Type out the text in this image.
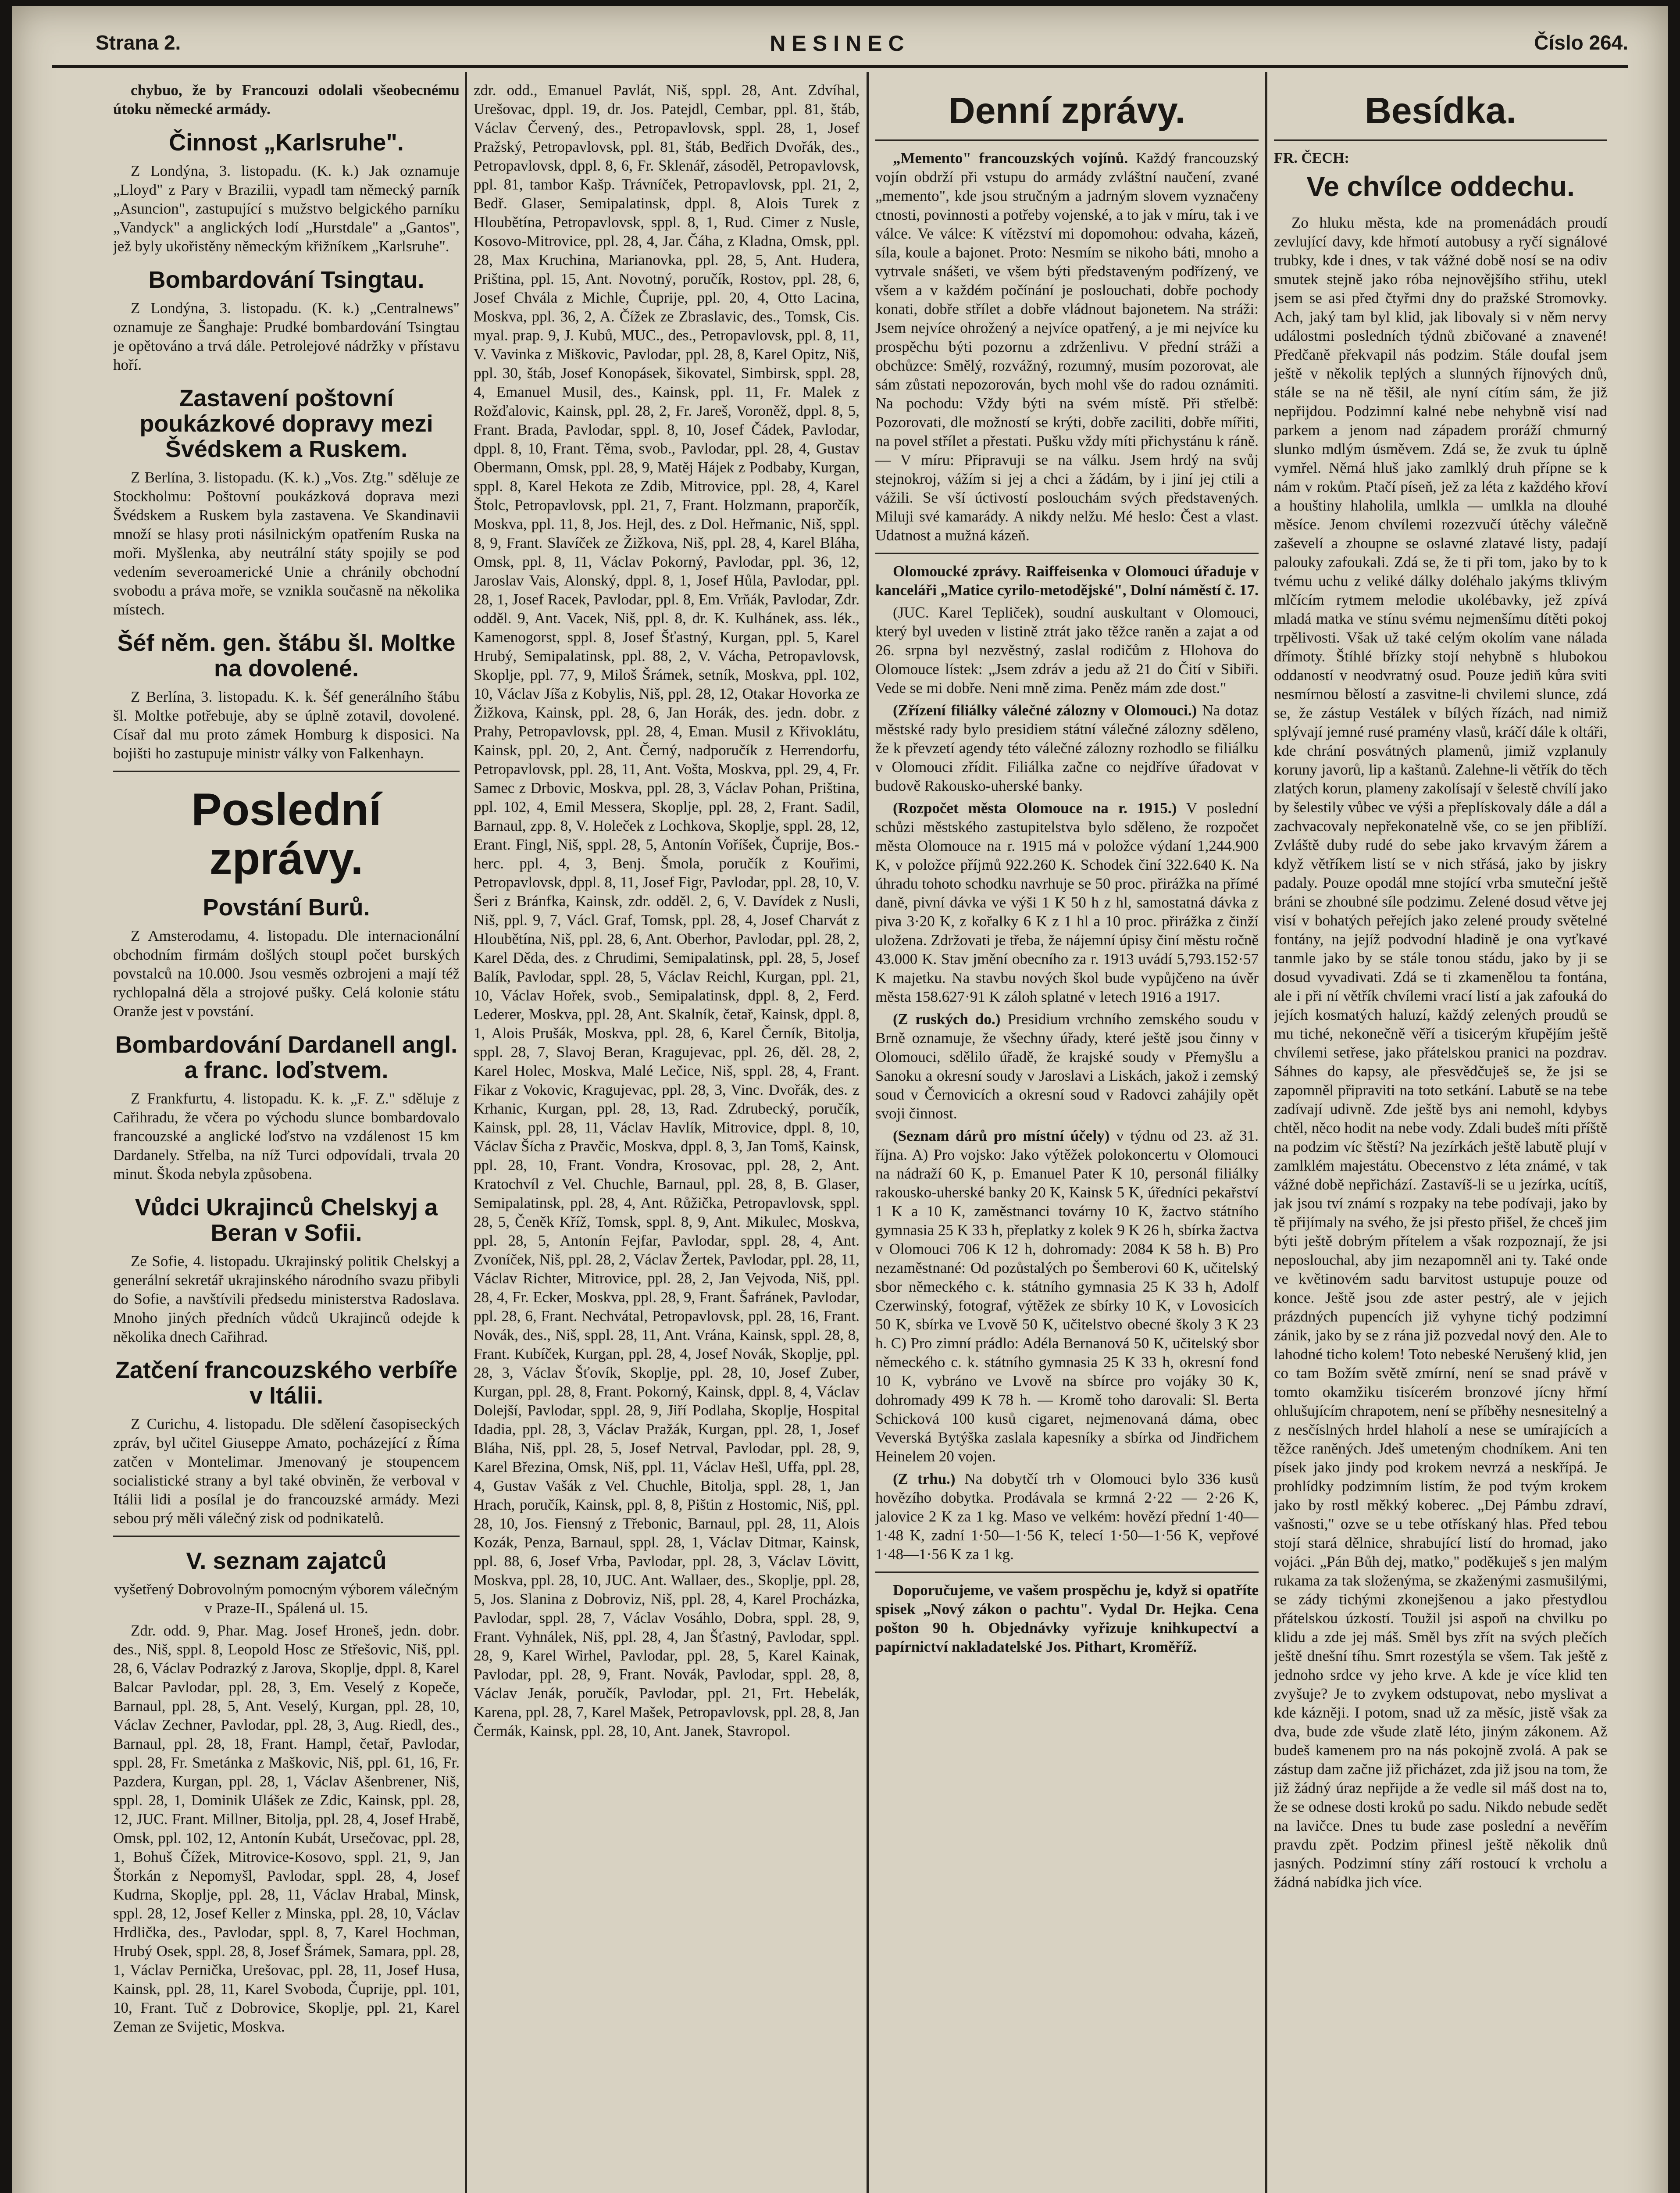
Strana 2.	NESINEC	Číslo 264.

chybuo, že by Francouzi odolali všeobecnému útoku německé armády.

Činnost „Karlsruhe".

Z Londýna, 3. listopadu. (K. k.) Jak oznamuje „Lloyd" z Pary v Brazilii, vypadl tam německý parník „Asuncion", zastupující s mužstvo belgického parníku „Vandyck" a anglických lodí „Hurstdale" a „Gantos", jež byly ukořistěny německým křižníkem „Karlsruhe".

Bombardování Tsingtau.

Z Londýna, 3. listopadu. (K. k.) „Centralnews" oznamuje ze Šanghaje: Prudké bombardování Tsingtau je opětováno a trvá dále. Petrolejové nádržky v přístavu hoří.

Zastavení poštovní poukázkové dopravy mezi Švédskem a Ruskem.

Z Berlína, 3. listopadu. (K. k.) „Vos. Ztg." sděluje ze Stockholmu: Poštovní poukázková doprava mezi Švédskem a Ruskem byla zastavena. Ve Skandinavii množí se hlasy proti násilnickým opatřením Ruska na moři. Myšlenka, aby neutrální státy spojily se pod vedením severoamerické Unie a chránily obchodní svobodu a práva moře, se vznikla současně na několika místech.

Šéf něm. gen. štábu šl. Moltke na dovolené.

Z Berlína, 3. listopadu. K. k. Šéf generálního štábu šl. Moltke potřebuje, aby se úplně zotavil, dovolené. Císař dal mu proto zámek Homburg k disposici. Na bojišti ho zastupuje ministr války von Falkenhayn.

Poslední zprávy.
Povstání Burů.

Z Amsterodamu, 4. listopadu. Dle internacionální obchodním firmám došlých stoupl počet burských povstalců na 10.000. Jsou vesměs ozbrojeni a mají též rychlopalná děla a strojové pušky. Celá kolonie státu Oranže jest v povstání.

Bombardování Dardanell angl. a franc. loďstvem.

Z Frankfurtu, 4. listopadu. K. k. „F. Z." sděluje z Cařihradu, že včera po východu slunce bombardovalo francouzské a anglické loďstvo na vzdálenost 15 km Dardanely. Střelba, na níž Turci odpovídali, trvala 20 minut. Škoda nebyla způsobena.

Vůdci Ukrajinců Chelskyj a Beran v Sofii.

Ze Sofie, 4. listopadu. Ukrajinský politik Chelskyj a generální sekretář ukrajinského národního svazu přibyli do Sofie, a navštívili předsedu ministerstva Radoslava. Mnoho jiných předních vůdců Ukrajinců odejde k několika dnech Cařihrad.

Zatčení francouzského verbíře v Itálii.

Z Curichu, 4. listopadu. Dle sdělení časopiseckých zpráv, byl učitel Giuseppe Amato, pocházející z Říma zatčen v Montelimar. Jmenovaný je stoupencem socialistické strany a byl také obviněn, že verboval v Itálii lidi a posílal je do francouzské armády. Mezi sebou prý měli válečný zisk od podnikatelů.

V. seznam zajatců

vyšetřený Dobrovolným pomocným výborem válečným v Praze-II., Spálená ul. 15.

Zdr. odd. 9, Phar. Mag. Josef Hroneš, jedn. dobr. des., Niš, sppl. 8, Leopold Hosc ze Střešovic, Niš, ppl. 28, 6, Václav Podrazký z Jarova, Skoplje, dppl. 8, Karel Balcar Pavlodar, ppl. 28, 3, Em. Veselý z Kopeče, Barnaul, ppl. 28, 5, Ant. Veselý, Kurgan, ppl. 28, 10, Václav Zechner, Pavlodar, ppl. 28, 3, Aug. Riedl, des., Barnaul, ppl. 28, 18, Frant. Hampl, četař, Pavlodar, sppl. 28, Fr. Smetánka z Maškovic, Niš, ppl. 61, 16, Fr. Pazdera, Kurgan, ppl. 28, 1, Václav Ašenbrener, Niš, sppl. 28, 1, Dominik Ulášek ze Zdic, Kainsk, ppl. 28, 12, JUC. Frant. Millner, Bitolja, ppl. 28, 4, Josef Hrabě, Omsk, ppl. 102, 12, Antonín Kubát, Ursečovac, ppl. 28, 1, Bohuš Čížek, Mitrovice-Kosovo, sppl. 21, 9, Jan Štorkán z Nepomyšl, Pavlodar, sppl. 28, 4, Josef Kudrna, Skoplje, ppl. 28, 11, Václav Hrabal, Minsk, sppl. 28, 12, Josef Keller z Minska, ppl. 28, 10, Václav Hrdlička, des., Pavlodar, sppl. 8, 7, Karel Hochman, Hrubý Osek, sppl. 28, 8, Josef Šrámek, Samara, ppl. 28, 1, Václav Pernička, Urešovac, ppl. 28, 11, Josef Husa, Kainsk, ppl. 28, 11, Karel Svoboda, Čuprije, ppl. 101, 10, Frant. Tuč z Dobrovice, Skoplje, ppl. 21, Karel Zeman ze Svijetic, Moskva.

zdr. odd., Emanuel Pavlát, Niš, sppl. 28, Ant. Zdvíhal, Urešovac, dppl. 19, dr. Jos. Patejdl, Cembar, ppl. 81, štáb, Václav Červený, des., Petropavlovsk, sppl. 28, 1, Josef Pražský, Petropavlovsk, ppl. 81, štáb, Bedřich Dvořák, des., Petropavlovsk, dppl. 8, 6, Fr. Sklenář, zásoděl, Petropavlovsk, ppl. 81, tambor Kašp. Trávníček, Petropavlovsk, ppl. 21, 2, Bedř. Glaser, Semipalatinsk, dppl. 8, Alois Turek z Hloubětína, Petropavlovsk, sppl. 8, 1, Rud. Cimer z Nusle, Kosovo-Mitrovice, ppl. 28, 4, Jar. Čáha, z Kladna, Omsk, ppl. 28, Max Kruchina, Marianovka, ppl. 28, 5, Ant. Hudera, Priština, ppl. 15, Ant. Novotný, poručík, Rostov, ppl. 28, 6, Josef Chvála z Michle, Čuprije, ppl. 20, 4, Otto Lacina, Moskva, ppl. 36, 2, A. Čížek ze Zbraslavic, des., Tomsk, Cis. myal. prap. 9, J. Kubů, MUC., des., Petropavlovsk, ppl. 8, 11, V. Vavinka z Miškovic, Pavlodar, ppl. 28, 8, Karel Opitz, Niš, ppl. 30, štáb, Josef Konopásek, šikovatel, Simbirsk, sppl. 28, 4, Emanuel Musil, des., Kainsk, ppl. 11, Fr. Malek z Rožďalovic, Kainsk, ppl. 28, 2, Fr. Jareš, Voroněž, dppl. 8, 5, Frant. Brada, Pavlodar, sppl. 8, 10, Josef Čádek, Pavlodar, dppl. 8, 10, Frant. Těma, svob., Pavlodar, ppl. 28, 4, Gustav Obermann, Omsk, ppl. 28, 9, Matěj Hájek z Podbaby, Kurgan, sppl. 8, Karel Hekota ze Zdib, Mitrovice, ppl. 28, 4, Karel Štolc, Petropavlovsk, ppl. 21, 7, Frant. Holzmann, praporčík, Moskva, ppl. 11, 8, Jos. Hejl, des. z Dol. Heřmanic, Niš, sppl. 8, 9, Frant. Slavíček ze Žižkova, Niš, ppl. 28, 4, Karel Bláha, Omsk, ppl. 8, 11, Václav Pokorný, Pavlodar, ppl. 36, 12, Jaroslav Vais, Alonský, dppl. 8, 1, Josef Hůla, Pavlodar, ppl. 28, 1, Josef Racek, Pavlodar, ppl. 8, Em. Vrňák, Pavlodar, Zdr. odděl. 9, Ant. Vacek, Niš, ppl. 8, dr. K. Kulhánek, ass. lék., Kamenogorst, sppl. 8, Josef Šťastný, Kurgan, ppl. 5, Karel Hrubý, Semipalatinsk, ppl. 88, 2, V. Vácha, Petropavlovsk, Skoplje, ppl. 77, 9, Miloš Šrámek, setník, Moskva, ppl. 102, 10, Václav Jíša z Kobylis, Niš, ppl. 28, 12, Otakar Hovorka ze Žižkova, Kainsk, ppl. 28, 6, Jan Horák, des. jedn. dobr. z Prahy, Petropavlovsk, ppl. 28, 4, Eman. Musil z Křivoklátu, Kainsk, ppl. 20, 2, Ant. Černý, nadporučík z Herrendorfu, Petropavlovsk, ppl. 28, 11, Ant. Vošta, Moskva, ppl. 29, 4, Fr. Samec z Drbovic, Moskva, ppl. 28, 3, Václav Pohan, Priština, ppl. 102, 4, Emil Messera, Skoplje, ppl. 28, 2, Frant. Sadil, Barnaul, zpp. 8, V. Holeček z Lochkova, Skoplje, sppl. 28, 12, Erant. Fingl, Niš, sppl. 28, 5, Antonín Voříšek, Čuprije, Bos.-herc. ppl. 4, 3, Benj. Šmola, poručík z Kouřimi, Petropavlovsk, dppl. 8, 11, Josef Figr, Pavlodar, ppl. 28, 10, V. Šeri z Bránfka, Kainsk, zdr. odděl. 2, 6, V. Davídek z Nusli, Niš, ppl. 9, 7, Václ. Graf, Tomsk, ppl. 28, 4, Josef Charvát z Hloubětína, Niš, ppl. 28, 6, Ant. Oberhor, Pavlodar, ppl. 28, 2, Karel Děda, des. z Chrudimi, Semipalatinsk, ppl. 28, 5, Josef Balík, Pavlodar, sppl. 28, 5, Václav Reichl, Kurgan, ppl. 21, 10, Václav Hořek, svob., Semipalatinsk, dppl. 8, 2, Ferd. Lederer, Moskva, ppl. 28, Ant. Skalník, četař, Kainsk, dppl. 8, 1, Alois Prušák, Moskva, ppl. 28, 6, Karel Černík, Bitolja, sppl. 28, 7, Slavoj Beran, Kragujevac, ppl. 26, děl. 28, 2, Karel Holec, Moskva, Malé Lečice, Niš, sppl. 28, 4, Frant. Fikar z Vokovic, Kragujevac, ppl. 28, 3, Vinc. Dvořák, des. z Krhanic, Kurgan, ppl. 28, 13, Rad. Zdrubecký, poručík, Kainsk, ppl. 28, 11, Václav Havlík, Mitrovice, dppl. 8, 10, Václav Šícha z Pravčic, Moskva, dppl. 8, 3, Jan Tomš, Kainsk, ppl. 28, 10, Frant. Vondra, Krosovac, ppl. 28, 2, Ant. Kratochvíl z Vel. Chuchle, Barnaul, ppl. 28, 8, B. Glaser, Semipalatinsk, ppl. 28, 4, Ant. Růžička, Petropavlovsk, sppl. 28, 5, Čeněk Kříž, Tomsk, sppl. 8, 9, Ant. Mikulec, Moskva, ppl. 28, 5, Antonín Fejfar, Pavlodar, sppl. 28, 4, Ant. Zvoníček, Niš, ppl. 28, 2, Václav Žertek, Pavlodar, ppl. 28, 11, Václav Richter, Mitrovice, ppl. 28, 2, Jan Vejvoda, Niš, ppl. 28, 4, Fr. Ecker, Moskva, ppl. 28, 9, Frant. Šafránek, Pavlodar, ppl. 28, 6, Frant. Nechvátal, Petropavlovsk, ppl. 28, 16, Frant. Novák, des., Niš, sppl. 28, 11, Ant. Vrána, Kainsk, sppl. 28, 8, Frant. Kubíček, Kurgan, ppl. 28, 4, Josef Novák, Skoplje, ppl. 28, 3, Václav Šťovík, Skoplje, ppl. 28, 10, Josef Zuber, Kurgan, ppl. 28, 8, Frant. Pokorný, Kainsk, dppl. 8, 4, Václav Dolejší, Pavlodar, sppl. 28, 9, Jiří Podlaha, Skoplje, Hospital Idadia, ppl. 28, 3, Václav Pražák, Kurgan, ppl. 28, 1, Josef Bláha, Niš, ppl. 28, 5, Josef Netrval, Pavlodar, ppl. 28, 9, Karel Březina, Omsk, Niš, ppl. 11, Václav Hešl, Uffa, ppl. 28, 4, Gustav Vašák z Vel. Chuchle, Bitolja, sppl. 28, 1, Jan Hrach, poručík, Kainsk, ppl. 8, 8, Pištin z Hostomic, Niš, ppl. 28, 10, Jos. Fiensný z Třebonic, Barnaul, ppl. 28, 11, Alois Kozák, Penza, Barnaul, sppl. 28, 1, Václav Ditmar, Kainsk, ppl. 88, 6, Josef Vrba, Pavlodar, ppl. 28, 3, Václav Lövitt, Moskva, ppl. 28, 10, JUC. Ant. Wallaer, des., Skoplje, ppl. 28, 5, Jos. Slanina z Dobroviz, Niš, ppl. 28, 4, Karel Procházka, Pavlodar, sppl. 28, 7, Václav Vosáhlo, Dobra, sppl. 28, 9, Frant. Vyhnálek, Niš, ppl. 28, 4, Jan Šťastný, Pavlodar, sppl. 28, 9, Karel Wirhel, Pavlodar, ppl. 28, 5, Karel Kainak, Pavlodar, ppl. 28, 9, Frant. Novák, Pavlodar, sppl. 28, 8, Václav Jenák, poručík, Pavlodar, ppl. 21, Frt. Hebelák, Karena, ppl. 28, 7, Karel Mašek, Petropavlovsk, ppl. 28, 8, Jan Čermák, Kainsk, ppl. 28, 10, Ant. Janek, Stavropol.

Denní zprávy.

„Memento" francouzských vojínů. Každý francouzský vojín obdrží při vstupu do armády zvláštní naučení, zvané „memento", kde jsou stručným a jadrným slovem vyznačeny ctnosti, povinnosti a potřeby vojenské, a to jak v míru, tak i ve válce. Ve válce: K vítězství mi dopomohou: odvaha, kázeň, síla, koule a bajonet. Proto: Nesmím se nikoho báti, mnoho a vytrvale snášeti, ve všem býti představeným podřízený, ve všem a v každém počínání je poslouchati, dobře pochody konati, dobře střílet a dobře vládnout bajonetem. Na stráži: Jsem nejvíce ohrožený a nejvíce opatřený, a je mi nejvíce ku prospěchu býti pozornu a zdrženlivu. V přední stráži a obchůzce: Smělý, rozvážný, rozumný, musím pozorovat, ale sám zůstati nepozorován, bych mohl vše do radou oznámiti. Na pochodu: Vždy býti na svém místě. Při střelbě: Pozorovati, dle možností se krýti, dobře zaciliti, dobře mířiti, na povel střílet a přestati. Pušku vždy míti přichystánu k ráně. — V míru: Připravuji se na válku. Jsem hrdý na svůj stejnokroj, vážím si jej a chci a žádám, by i jiní jej ctili a vážili. Se vší úctivostí poslouchám svých představených. Miluji své kamarády. A nikdy nelžu. Mé heslo: Čest a vlast. Udatnost a mužná kázeň.

Olomoucké zprávy. Raiffeisenka v Olomouci úřaduje v kanceláři „Matice cyrilo-metodějské", Dolní náměstí č. 17.

(JUC. Karel Tepliček), soudní auskultant v Olomouci, který byl uveden v listině ztrát jako těžce raněn a zajat a od 26. srpna byl nezvěstný, zaslal rodičům z Hlohova do Olomouce lístek: „Jsem zdráv a jedu až 21 do Čití v Sibiři. Vede se mi dobře. Neni mně zima. Peněz mám zde dost."

(Zřízení filiálky válečné zálozny v Olomouci.) Na dotaz městské rady bylo presidiem státní válečné zálozny sděleno, že k převzetí agendy této válečné zálozny rozhodlo se filiálku v Olomouci zřídit. Filiálka začne co nejdříve úřadovat v budově Rakousko-uherské banky.

(Rozpočet města Olomouce na r. 1915.) V poslední schůzi městského zastupitelstva bylo sděleno, že rozpočet města Olomouce na r. 1915 má v položce výdaní 1,244.900 K, v položce příjmů 922.260 K. Schodek činí 322.640 K. Na úhradu tohoto schodku navrhuje se 50 proc. přirážka na přímé daně, pivní dávka ve výši 1 K 50 h z hl, samostatná dávka z piva 3·20 K, z kořalky 6 K z 1 hl a 10 proc. přirážka z činží uložena. Zdržovati je třeba, že nájemní úpisy činí městu ročně 43.000 K. Stav jmění obecního za r. 1913 uvádí 5,793.152·57 K majetku. Na stavbu nových škol bude vypůjčeno na úvěr města 158.627·91 K záloh splatné v letech 1916 a 1917.

(Z ruských do.) Presidium vrchního zemského soudu v Brně oznamuje, že všechny úřady, které ještě jsou činny v Olomouci, sdělilo úřadě, že krajské soudy v Přemyšlu a Sanoku a okresní soudy v Jaroslavi a Liskách, jakož i zemský soud v Černovicích a okresní soud v Radovci zahájily opět svoji činnost.

(Seznam dárů pro místní účely) v týdnu od 23. až 31. října. A) Pro vojsko: Jako výtěžek polokoncertu v Olomouci na nádraží 60 K, p. Emanuel Pater K 10, personál filiálky rakousko-uherské banky 20 K, Kainsk 5 K, úředníci pekařství 1 K a 10 K, zaměstnanci továrny 10 K, žactvo státního gymnasia 25 K 33 h, přeplatky z kolek 9 K 26 h, sbírka žactva v Olomouci 706 K 12 h, dohromady: 2084 K 58 h. B) Pro nezaměstnané: Od pozůstalých po Šemberovi 60 K, učitelský sbor německého c. k. státního gymnasia 25 K 33 h, Adolf Czerwinský, fotograf, výtěžek ze sbírky 10 K, v Lovosicích 50 K, sbírka ve Lvově 50 K, učitelstvo obecné školy 3 K 23 h. C) Pro zimní prádlo: Adéla Bernanová 50 K, učitelský sbor německého c. k. státního gymnasia 25 K 33 h, okresní fond 10 K, vybráno ve Lvově na sbírce pro vojáky 30 K, dohromady 499 K 78 h. — Kromě toho darovali: Sl. Berta Schicková 100 kusů cigaret, nejmenovaná dáma, obec Veverská Bytýška zaslala kapesníky a sbírka od Jindřichem Heinelem 20 vojen.

(Z trhu.) Na dobytčí trh v Olomouci bylo 336 kusů hovězího dobytka. Prodávala se krmná 2·22 — 2·26 K, jalovice 2 K za 1 kg. Maso ve velkém: hovězí přední 1·40—1·48 K, zadní 1·50—1·56 K, telecí 1·50—1·56 K, vepřové 1·48—1·56 K za 1 kg.

Doporučujeme, ve vašem prospěchu je, když si opatříte spisek „Nový zákon o pachtu". Vydal Dr. Hejka. Cena pošton 90 h. Objednávky vyřizuje knihkupectví a papírnictví nakladatelské Jos. Pithart, Kroměříž.

Besídka.
FR. ČECH:
Ve chvílce oddechu.

Zo hluku města, kde na promenádách proudí zevlující davy, kde hřmotí autobusy a ryčí signálové trubky, kde i dnes, v tak vážné době nosí se na odiv smutek stejně jako róba nejnovějšího střihu, utekl jsem se asi před čtyřmi dny do pražské Stromovky. Ach, jaký tam byl klid, jak libovaly si v něm nervy událostmi posledních týdnů zbičované a znavené! Předčaně překvapil nás podzim. Stále doufal jsem ještě v několik teplých a slunných říjnových dnů, stále se na ně těšil, ale nyní cítím sám, že již nepřijdou. Podzimní kalné nebe nehybně visí nad parkem a jenom nad západem proráží chmurný slunko mdlým úsměvem. Zdá se, že zvuk tu úplně vymřel. Němá hluš jako zamlklý druh přípne se k nám v rokům. Ptačí píseň, jež za léta z každého křoví a houštiny hlaholila, umlkla — umlkla na dlouhé měsíce. Jenom chvílemi rozezvučí útěchy válečně zaševelí a zhoupne se oslavné zlatavé listy, padají palouky zafoukali. Zdá se, že ti při tom, jako by to k tvému uchu z veliké dálky doléhalo jakýms tklivým mlčícím rytmem melodie ukolébavky, jež zpívá mladá matka ve stínu svému nejmenšímu dítěti pokoj trpělivosti. Však už také celým okolím vane nálada dřímoty. Štíhlé břízky stojí nehybně s hlubokou oddaností v neodvratný osud. Pouze jediň kůra sviti nesmírnou bělostí a zasvitne-li chvilemi slunce, zdá se, že zástup Vestálek v bílých řízách, nad nimiž splývají jemné rusé pramény vlasů, kráčí dále k oltáři, kde chrání posvátných plamenů, jimiž vzplanuly koruny javorů, lip a kaštanů. Zalehne-li větřík do těch zlatých korun, plameny zakolísají v šelestě chvílí jako by šelestily vůbec ve výši a přeplískovaly dále a dál a zachvacovaly nepřekonatelně vše, co se jen přiblíží. Zvláště duby rudé do sebe jako krvavým žárem a když větříkem listí se v nich střásá, jako by jiskry padaly. Pouze opodál mne stojící vrba smuteční ještě bráni se zhoubné síle podzimu. Zelené dosud větve jej visí v bohatých peřejích jako zelené proudy světelné fontány, na jejíž podvodní hladině je ona vyťkavé tanmle jako by se stále tonou stádu, jako by ji se dosud vyvadivati. Zdá se ti zkamenělou ta fontána, ale i při ní větřík chvílemi vrací listí a jak zafouká do jejích kosmatých haluzí, každý zelených proudů se mu tiché, nekonečně věří a tisicerým křupějím ještě chvílemi setřese, jako přátelskou pranici na pozdrav. Sáhnes do kapsy, ale přesvědčuješ se, že jsi se zapomněl připraviti na toto setkání. Labutě se na tebe zadívají udivně. Zde ještě bys ani nemohl, kdybys chtěl, něco hodit na nebe vody. Zdali budeš míti příště na podzim víc štěstí? Na jezírkách ještě labutě plují v zamlklém majestátu. Obecenstvo z léta známé, v tak vážné době nepřichází. Zastavíš-li se u jezírka, ucítíš, jak jsou tví známí s rozpaky na tebe podívaji, jako by tě přijímaly na svého, že jsi přesto přišel, že chceš jim býti ještě dobrým přítelem a však rozpoznají, že jsi neposlouchal, aby jim nezapomněl ani ty. Také onde ve květinovém sadu barvitost ustupuje pouze od konce. Ještě jsou zde aster pestrý, ale v jejich prázdných pupencích již vyhyne tichý podzimní zánik, jako by se z rána již pozvedal nový den. Ale to lahodné ticho kolem! Toto nebeské Nerušený klid, jen co tam Božím světě zmírní, není se snad právě v tomto okamžiku tisícerém bronzové jícny hřmí ohlušujícím chrapotem, není se příběhy nesnesitelný a z nesčíslných hrdel hlaholí a nese se umírajících a těžce raněných. Jdeš umeteným chodníkem. Ani ten písek jako jindy pod krokem nevrzá a neskřípá. Je prohlídky podzimním listím, že pod tvým krokem jako by rostl měkký koberec. „Dej Pámbu zdraví, vašnosti," ozve se u tebe otřískaný hlas. Před tebou stojí stará dělnice, shrabující listí do hromad, jako vojáci. „Pán Bůh dej, matko," poděkuješ s jen malým rukama za tak složenýma, se zkaženými zasmušilými, se zády tichými zkonejšenou a jako přestydlou přátelskou úzkostí. Toužil jsi aspoň na chvilku po klidu a zde jej máš. Směl bys zřít na svých plečích ještě dnešní tíhu. Smrt rozestýla se všem. Tak ještě z jednoho srdce vy jeho krve. A kde je více klid ten zvyšuje? Je to zvykem odstupovat, nebo myslivat a kde kázněji. I potom, snad už za měsíc, jistě však za dva, bude zde všude zlatě léto, jiným zákonem. Až budeš kamenem pro na nás pokojně zvolá. A pak se zástup dam začne již přicházet, zda již jsou na tom, že již žádný úraz nepřijde a že vedle sil máš dost na to, že se odnese dosti kroků po sadu. Nikdo nebude sedět na lavičce. Dnes tu bude zase poslední a nevěřím pravdu zpět. Podzim přinesl ještě několik dnů jasných. Podzimní stíny září rostoucí k vrcholu a žádná nabídka jich více.
